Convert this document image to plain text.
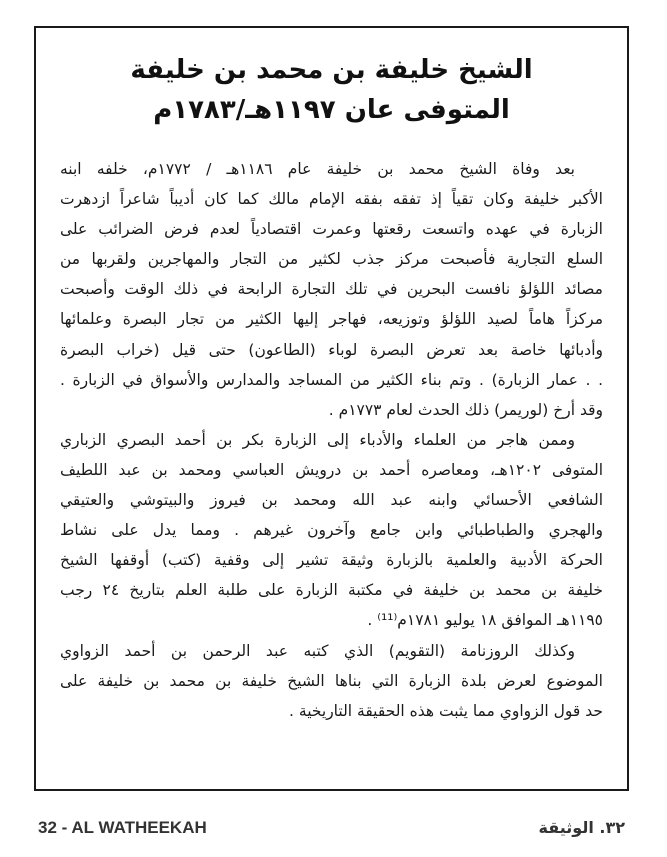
الشيخ خليفة بن محمد بن خليفة
المتوفى عان ١١٩٧هـ/١٧٨٣م
بعد وفاة الشيخ محمد بن خليفة عام ١١٨٦هـ / ١٧٧٢م، خلفه ابنه
الأكبر خليفة وكان تقياً إذ تفقه بفقه الإمام مالك كما كان أديباً شاعراً ازدهرت
الزبارة في عهده واتسعت رقعتها وعمرت اقتصادياً لعدم فرض الضرائب على
السلع التجارية فأصبحت مركز جذب لكثير من التجار والمهاجرين ولقربها من
مصائد اللؤلؤ نافست البحرين في تلك التجارة الرابحة في ذلك الوقت وأصبحت
مركزاً هاماً لصيد اللؤلؤ وتوزيعه، فهاجر إليها الكثير من تجار البصرة وعلمائها
وأدبائها خاصة بعد تعرض البصرة لوباء (الطاعون) حتى قيل (خراب البصرة
. . عمار الزبارة) . وتم بناء الكثير من المساجد والمدارس والأسواق في الزبارة .
وقد أرخ (لوريمر) ذلك الحدث لعام ١٧٧٣م .
وممن هاجر من العلماء والأدباء إلى الزبارة بكر بن أحمد البصري الزباري
المتوفى ١٢٠٢هـ، ومعاصره أحمد بن درويش العباسي ومحمد بن عبد اللطيف
الشافعي الأحسائي وابنه عبد الله ومحمد بن فيروز والبيتوشي والعتيقي
والهجري والطباطبائي وابن جامع وآخرون غيرهم . ومما يدل على نشاط
الحركة الأدبية والعلمية بالزبارة وثيقة تشير إلى وقفية (كتب) أوقفها الشيخ
خليفة بن محمد بن خليفة في مكتبة الزبارة على طلبة العلم بتاريخ ٢٤ رجب
١١٩٥هـ الموافق ١٨ يوليو ١٧٨١م⁽¹¹⁾ .
وكذلك الروزنامة (التقويم) الذي كتبه عبد الرحمن بن أحمد الزواوي
الموضوع لعرض بلدة الزبارة التي بناها الشيخ خليفة بن محمد بن خليفة على
حد قول الزواوي مما يثبت هذه الحقيقة التاريخية .
32 - AL WATHEEKAH	٣٢. الوثيقة
